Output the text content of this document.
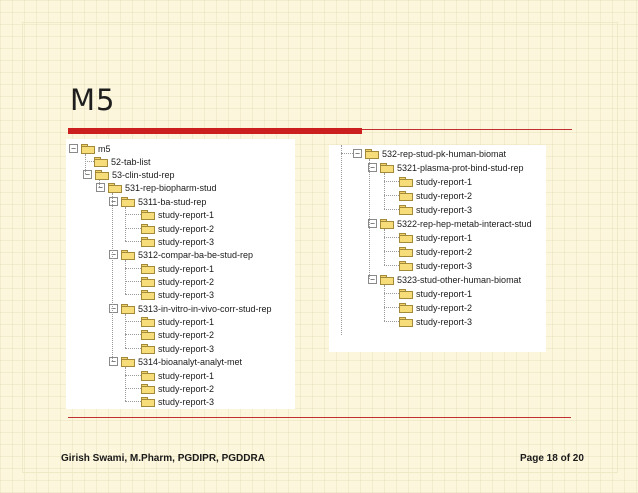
M5
− m5
52-tab-list
− 53-clin-stud-rep
− 531-rep-biopharm-stud
− 5311-ba-stud-rep
study-report-1
study-report-2
study-report-3
− 5312-compar-ba-be-stud-rep
study-report-1
study-report-2
study-report-3
− 5313-in-vitro-in-vivo-corr-stud-rep
study-report-1
study-report-2
study-report-3
− 5314-bioanalyt-analyt-met
study-report-1
study-report-2
study-report-3
− 532-rep-stud-pk-human-biomat
− 5321-plasma-prot-bind-stud-rep
study-report-1
study-report-2
study-report-3
− 5322-rep-hep-metab-interact-stud
study-report-1
study-report-2
study-report-3
− 5323-stud-other-human-biomat
study-report-1
study-report-2
study-report-3
Girish Swami, M.Pharm, PGDIPR, PGDDRA	Page 18 of 20
